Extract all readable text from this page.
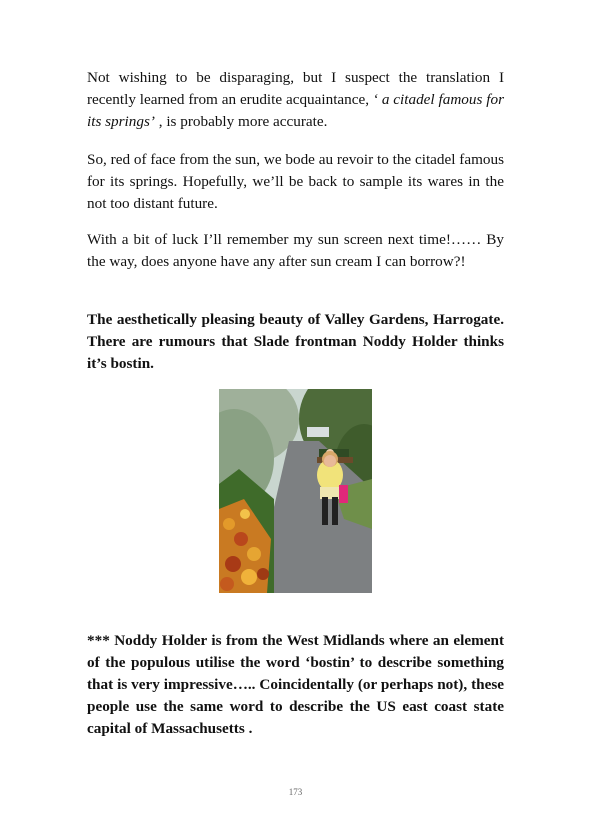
Not wishing to be disparaging, but I suspect the translation I recently learned from an erudite acquaintance, ‘ a citadel famous for its springs’ , is probably more accurate.

So, red of face from the sun, we bode au revoir to the citadel famous for its springs. Hopefully, we’ll be back to sample its wares in the not too distant future.

With a bit of luck I’ll remember my sun screen next time!…… By the way, does anyone have any after sun cream I can borrow?!

The aesthetically pleasing beauty of Valley Gardens, Harrogate. There are rumours that Slade frontman Noddy Holder thinks it’s bostin.

*** Noddy Holder is from the West Midlands where an element of the populous utilise the word ‘bostin’ to describe something that is very impressive….. Coincidentally (or perhaps not), these people use the same word to describe the US east coast state capital of Massachusetts .

173
